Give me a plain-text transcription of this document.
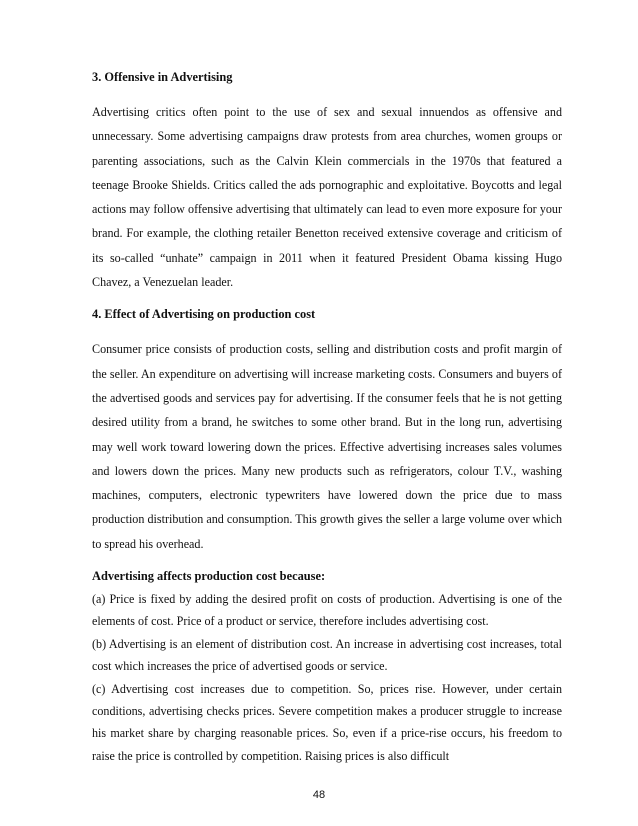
3. Offensive in Advertising

Advertising critics often point to the use of sex and sexual innuendos as offensive and unnecessary. Some advertising campaigns draw protests from area churches, women groups or parenting associations, such as the Calvin Klein commercials in the 1970s that featured a teenage Brooke Shields. Critics called the ads pornographic and exploitative. Boycotts and legal actions may follow offensive advertising that ultimately can lead to even more exposure for your brand. For example, the clothing retailer Benetton received extensive coverage and criticism of its so-called “unhate” campaign in 2011 when it featured President Obama kissing Hugo Chavez, a Venezuelan leader.

4. Effect of Advertising on production cost

Consumer price consists of production costs, selling and distribution costs and profit margin of the seller. An expenditure on advertising will increase marketing costs. Consumers and buyers of the advertised goods and services pay for advertising. If the consumer feels that he is not getting desired utility from a brand, he switches to some other brand. But in the long run, advertising may well work toward lowering down the prices. Effective advertising increases sales volumes and lowers down the prices. Many new products such as refrigerators, colour T.V., washing machines, computers, electronic typewriters have lowered down the price due to mass production distribution and consumption. This growth gives the seller a large volume over which to spread his overhead.

Advertising affects production cost because:

(a) Price is fixed by adding the desired profit on costs of production. Advertising is one of the elements of cost. Price of a product or service, therefore includes advertising cost.

(b) Advertising is an element of distribution cost. An increase in advertising cost increases, total cost which increases the price of advertised goods or service.

(c) Advertising cost increases due to competition. So, prices rise. However, under certain conditions, advertising checks prices. Severe competition makes a producer struggle to increase his market share by charging reasonable prices. So, even if a price-rise occurs, his freedom to raise the price is controlled by competition. Raising prices is also difficult

48
